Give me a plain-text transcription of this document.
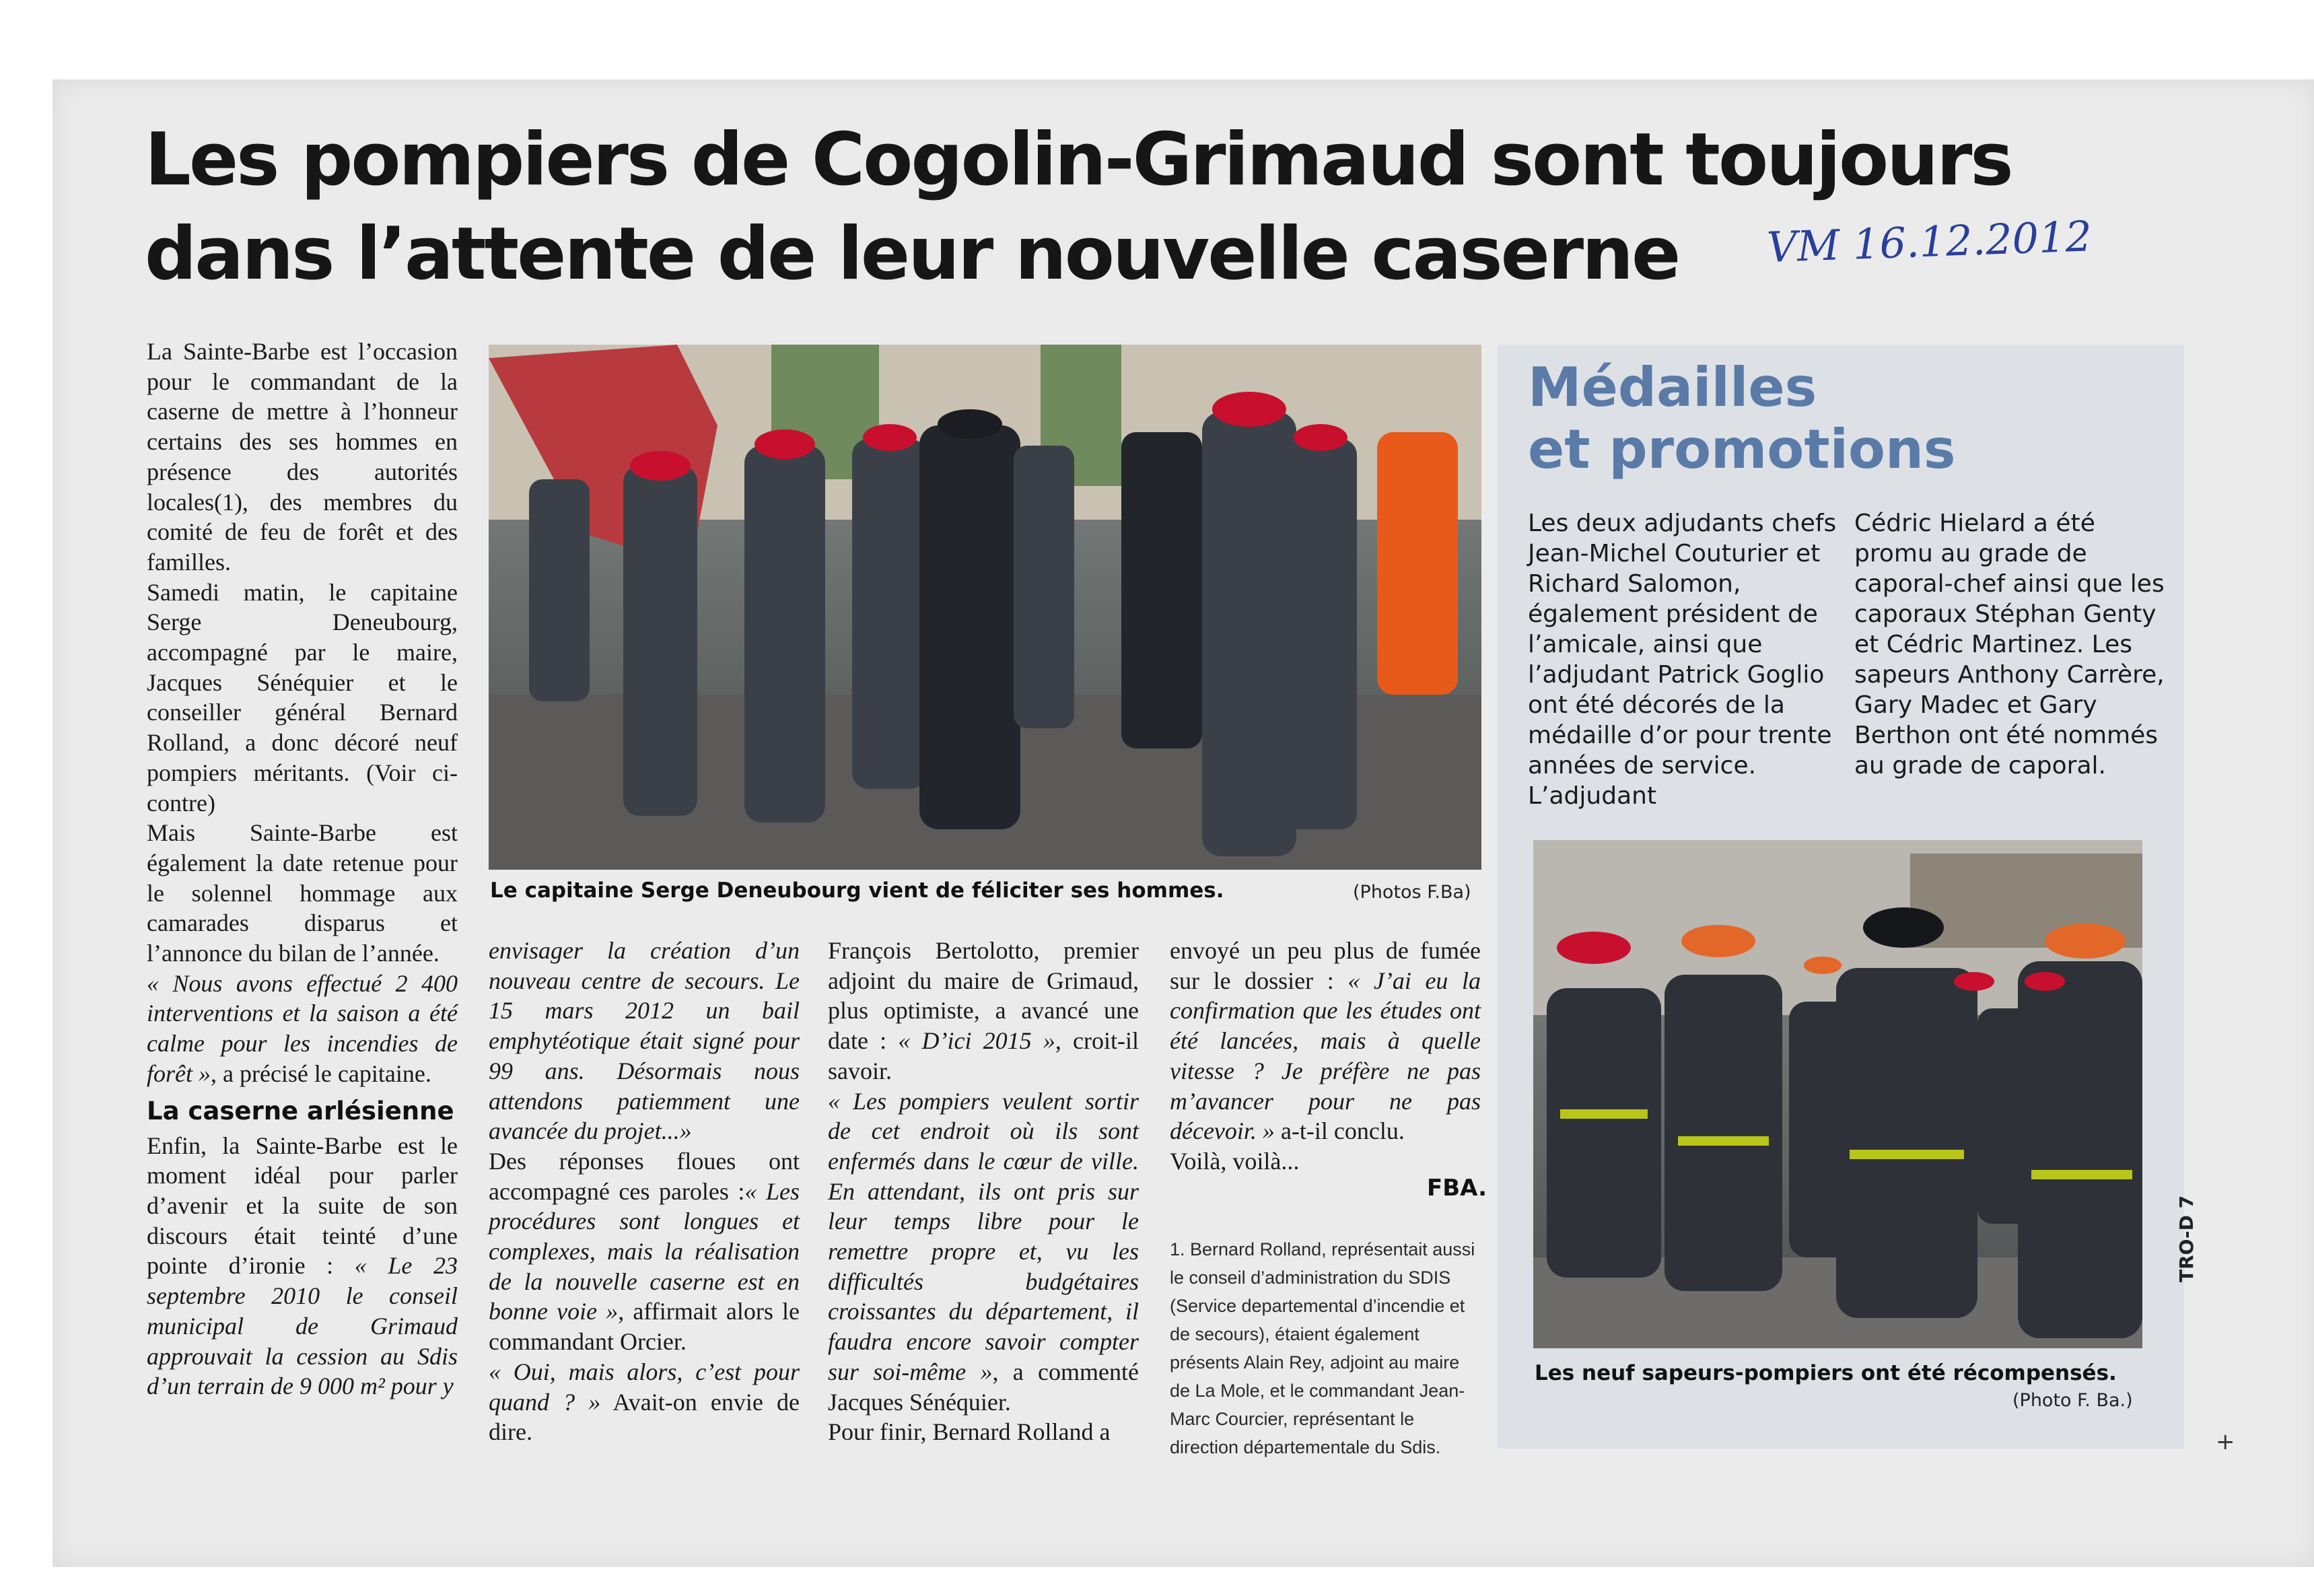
Les pompiers de Cogolin-Grimaud sont toujours
dans l’attente de leur nouvelle caserne	VM 16.12.2012

La Sainte-Barbe est l’occasion pour le commandant de la caserne de mettre à l’honneur certains des ses hommes en présence des autorités locales(1), des membres du comité de feu de forêt et des familles.

Samedi matin, le capitaine Serge Deneubourg, accompagné par le maire, Jacques Sénéquier et le conseiller général Bernard Rolland, a donc décoré neuf pompiers méritants. (Voir ci-contre)

Mais Sainte-Barbe est également la date retenue pour le solennel hommage aux camarades disparus et l’annonce du bilan de l’année.

« Nous avons effectué 2 400 interventions et la saison a été calme pour les incendies de forêt », a précisé le capitaine.

La caserne arlésienne

Enfin, la Sainte-Barbe est le moment idéal pour parler d’avenir et la suite de son discours était teinté d’une pointe d’ironie : « Le 23 septembre 2010 le conseil municipal de Grimaud approuvait la cession au Sdis d’un terrain de 9 000 m² pour y

Le capitaine Serge Deneubourg vient de féliciter ses hommes.	(Photos F.Ba)

envisager la création d’un nouveau centre de secours. Le 15 mars 2012 un bail emphytéotique était signé pour 99 ans. Désormais nous attendons patiemment une avancée du projet...»

Des réponses floues ont accompagné ces paroles :« Les procédures sont longues et complexes, mais la réalisation de la nouvelle caserne est en bonne voie », affirmait alors le commandant Orcier.

« Oui, mais alors, c’est pour quand ? » Avait-on envie de dire.

François Bertolotto, premier adjoint du maire de Grimaud, plus optimiste, a avancé une date : « D’ici 2015 », croit-il savoir.

« Les pompiers veulent sortir de cet endroit où ils sont enfermés dans le cœur de ville. En attendant, ils ont pris sur leur temps libre pour le remettre propre et, vu les difficultés budgétaires croissantes du département, il faudra encore savoir compter sur soi-même », a commenté Jacques Sénéquier.

Pour finir, Bernard Rolland a

envoyé un peu plus de fumée sur le dossier : « J’ai eu la confirmation que les études ont été lancées, mais à quelle vitesse ? Je préfère ne pas m’avancer pour ne pas décevoir. » a-t-il conclu.

Voilà, voilà...

FBA.

1. Bernard Rolland, représentait aussi le conseil d’administration du SDIS (Service departemental d’incendie et de secours), étaient également présents Alain Rey, adjoint au maire de La Mole, et le commandant Jean-Marc Courcier, représentant le direction départementale du Sdis.

Médailles
et promotions

Les deux adjudants chefs Jean-Michel Couturier et Richard Salomon, également président de l’amicale, ainsi que l’adjudant Patrick Goglio ont été décorés de la médaille d’or pour trente années de service. L’adjudant

Cédric Hielard a été promu au grade de caporal-chef ainsi que les caporaux Stéphan Genty et Cédric Martinez. Les sapeurs Anthony Carrère, Gary Madec et Gary Berthon ont été nommés au grade de caporal.

Les neuf sapeurs-pompiers ont été récompensés.
(Photo F. Ba.)
TRO-D 7
+
